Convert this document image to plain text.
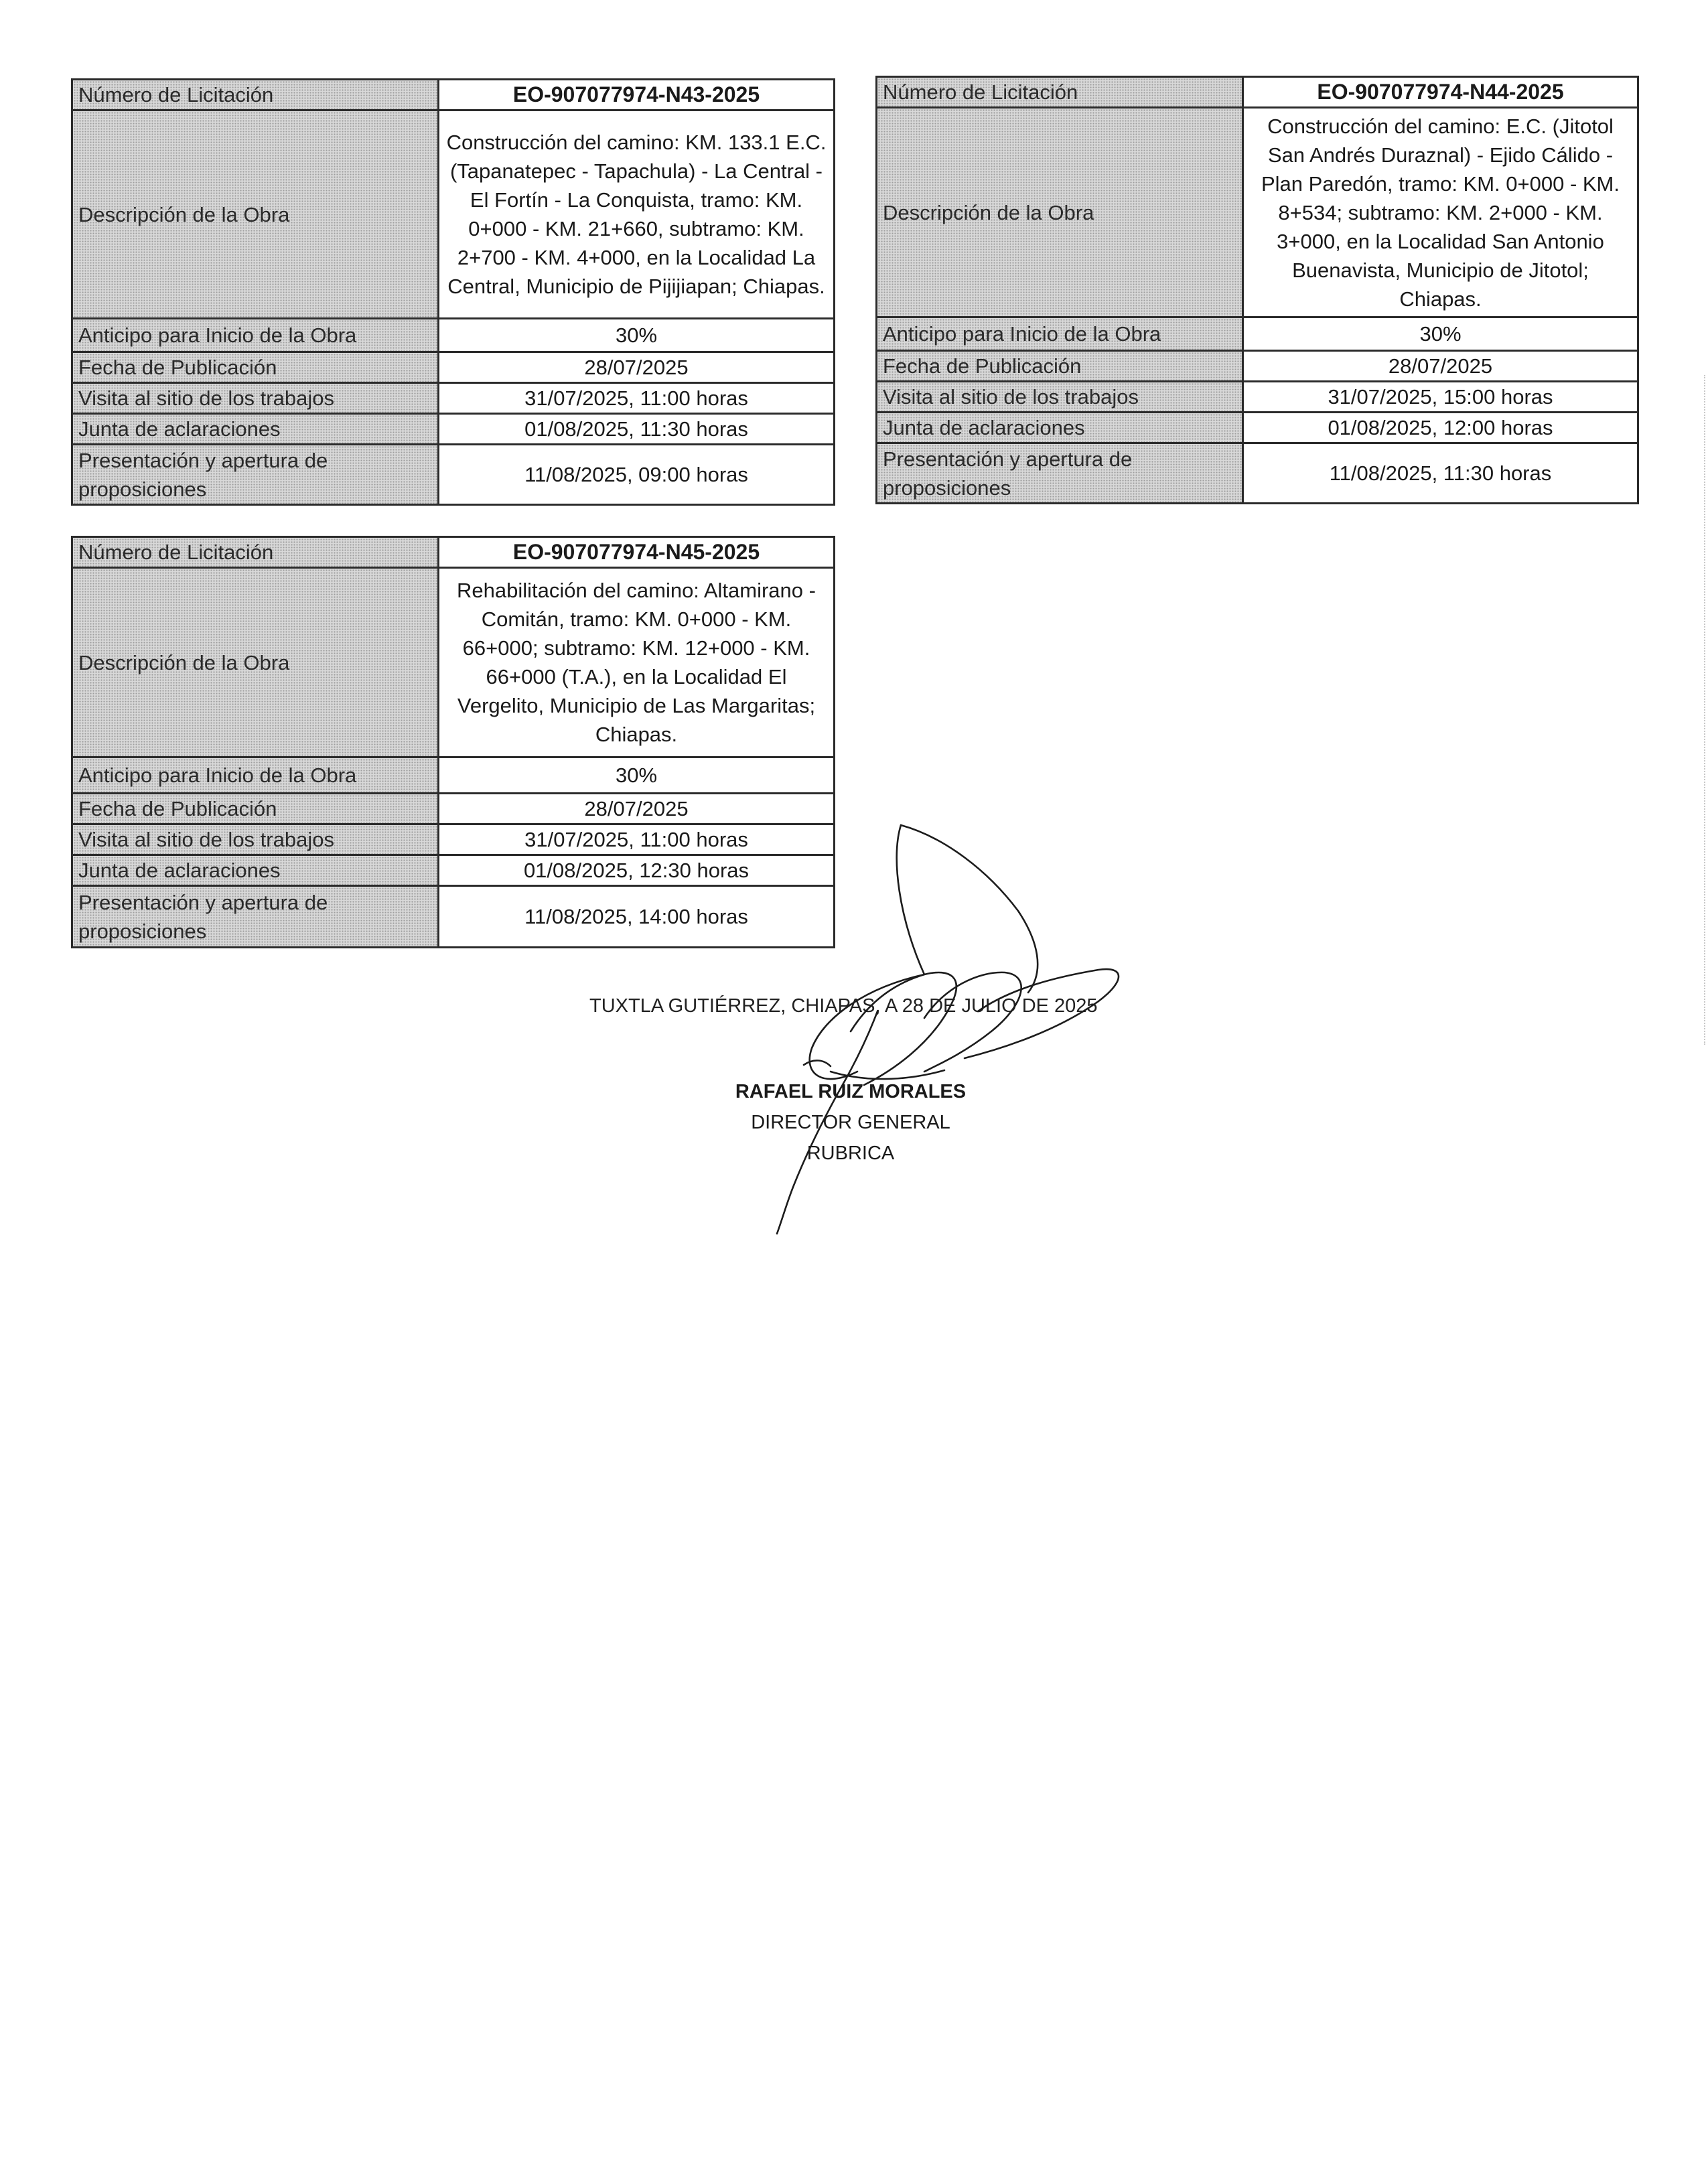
Número de Licitación	EO-907077974-N43-2025
Descripción de la Obra	Construcción del camino: KM. 133.1 E.C. (Tapanatepec - Tapachula) - La Central - El Fortín - La Conquista, tramo: KM. 0+000 - KM. 21+660, subtramo: KM. 2+700 - KM. 4+000, en la Localidad La Central, Municipio de Pijijiapan; Chiapas.
Anticipo para Inicio de la Obra	30%
Fecha de Publicación	28/07/2025
Visita al sitio de los trabajos	31/07/2025, 11:00 horas
Junta de aclaraciones	01/08/2025, 11:30 horas
Presentación y apertura de proposiciones	11/08/2025, 09:00 horas
Número de Licitación	EO-907077974-N44-2025
Descripción de la Obra	Construcción del camino: E.C. (Jitotol San Andrés Duraznal) - Ejido Cálido - Plan Paredón, tramo: KM. 0+000 - KM. 8+534; subtramo: KM. 2+000 - KM. 3+000, en la Localidad San Antonio Buenavista, Municipio de Jitotol; Chiapas.
Anticipo para Inicio de la Obra	30%
Fecha de Publicación	28/07/2025
Visita al sitio de los trabajos	31/07/2025, 15:00 horas
Junta de aclaraciones	01/08/2025, 12:00 horas
Presentación y apertura de proposiciones	11/08/2025, 11:30 horas
Número de Licitación	EO-907077974-N45-2025
Descripción de la Obra	Rehabilitación del camino: Altamirano - Comitán, tramo: KM. 0+000 - KM. 66+000; subtramo: KM. 12+000 - KM. 66+000 (T.A.), en la Localidad El Vergelito, Municipio de Las Margaritas; Chiapas.
Anticipo para Inicio de la Obra	30%
Fecha de Publicación	28/07/2025
Visita al sitio de los trabajos	31/07/2025, 11:00 horas
Junta de aclaraciones	01/08/2025, 12:30 horas
Presentación y apertura de proposiciones	11/08/2025, 14:00 horas
TUXTLA GUTIÉRREZ, CHIAPAS, A 28 DE JULIO DE 2025
RAFAEL RUIZ MORALES
DIRECTOR GENERAL
RUBRICA
